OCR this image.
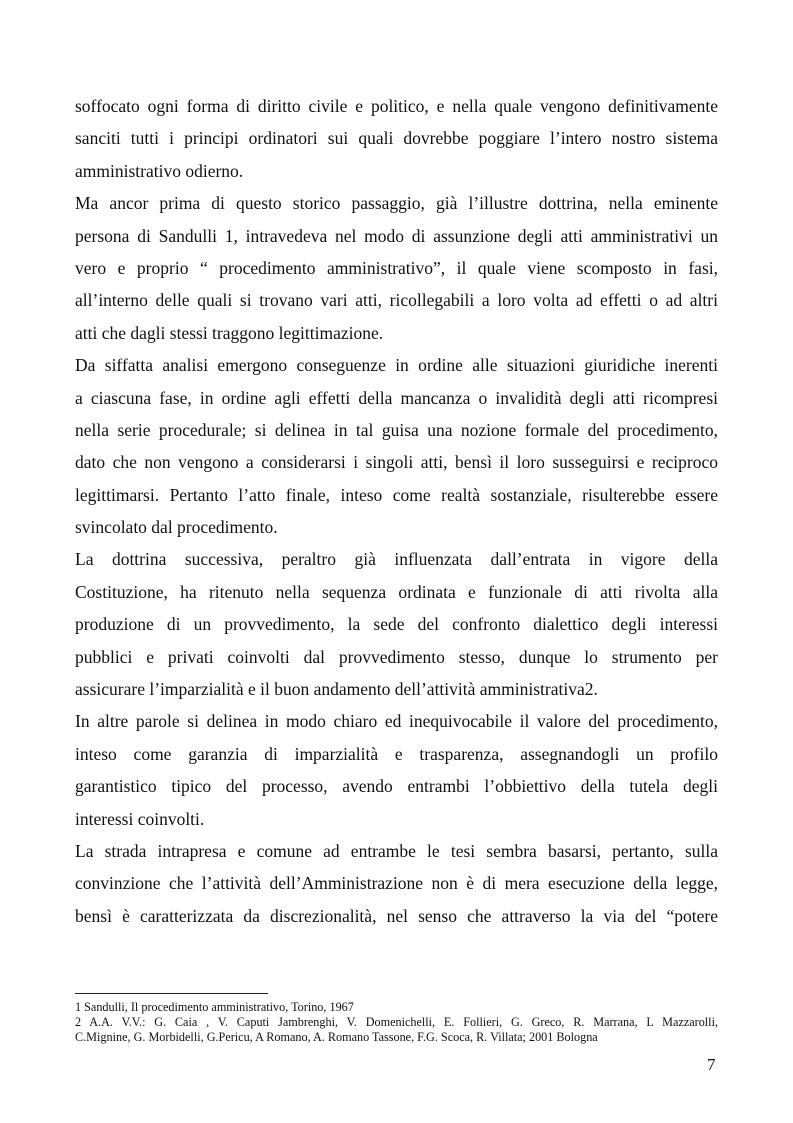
soffocato ogni forma di diritto civile e politico, e nella quale vengono definitivamente
sanciti tutti i principi ordinatori sui quali dovrebbe poggiare l’intero nostro sistema
amministrativo odierno.
Ma ancor prima di questo storico passaggio, già l’illustre dottrina, nella eminente
persona di Sandulli 1, intravedeva nel modo di assunzione degli atti amministrativi un
vero e proprio “ procedimento amministrativo”, il quale viene scomposto in fasi,
all’interno delle quali si trovano vari atti, ricollegabili a loro volta ad effetti o ad altri
atti che dagli stessi traggono legittimazione.
Da siffatta analisi emergono conseguenze in ordine alle situazioni giuridiche inerenti
a ciascuna fase, in ordine agli effetti della mancanza o invalidità degli atti ricompresi
nella serie procedurale; si delinea in tal guisa una nozione formale del procedimento,
dato che non vengono a considerarsi i singoli atti, bensì il loro susseguirsi e reciproco
legittimarsi. Pertanto l’atto finale, inteso come realtà sostanziale, risulterebbe essere
svincolato dal procedimento.
La dottrina successiva, peraltro già influenzata dall’entrata in vigore della
Costituzione, ha ritenuto nella sequenza ordinata e funzionale di atti rivolta alla
produzione di un provvedimento, la sede del confronto dialettico degli interessi
pubblici e privati coinvolti dal provvedimento stesso, dunque lo strumento per
assicurare l’imparzialità e il buon andamento dell’attività amministrativa2.
In altre parole si delinea in modo chiaro ed inequivocabile il valore del procedimento,
inteso come garanzia di imparzialità e trasparenza, assegnandogli un profilo
garantistico tipico del processo, avendo entrambi l’obbiettivo della tutela degli
interessi coinvolti.
La strada intrapresa e comune ad entrambe le tesi sembra basarsi, pertanto, sulla
convinzione che l’attività dell’Amministrazione non è di mera esecuzione della legge,
bensì è caratterizzata da discrezionalità, nel senso che attraverso la via del “potere
1 Sandulli, Il procedimento amministrativo, Torino, 1967
2 A.A. V.V.: G. Caia , V. Caputi Jambrenghi, V. Domenichelli, E. Follieri, G. Greco, R. Marrana, L Mazzarolli,
C.Mignine, G. Morbidelli, G.Pericu, A Romano, A. Romano Tassone, F.G. Scoca, R. Villata; 2001 Bologna
7
